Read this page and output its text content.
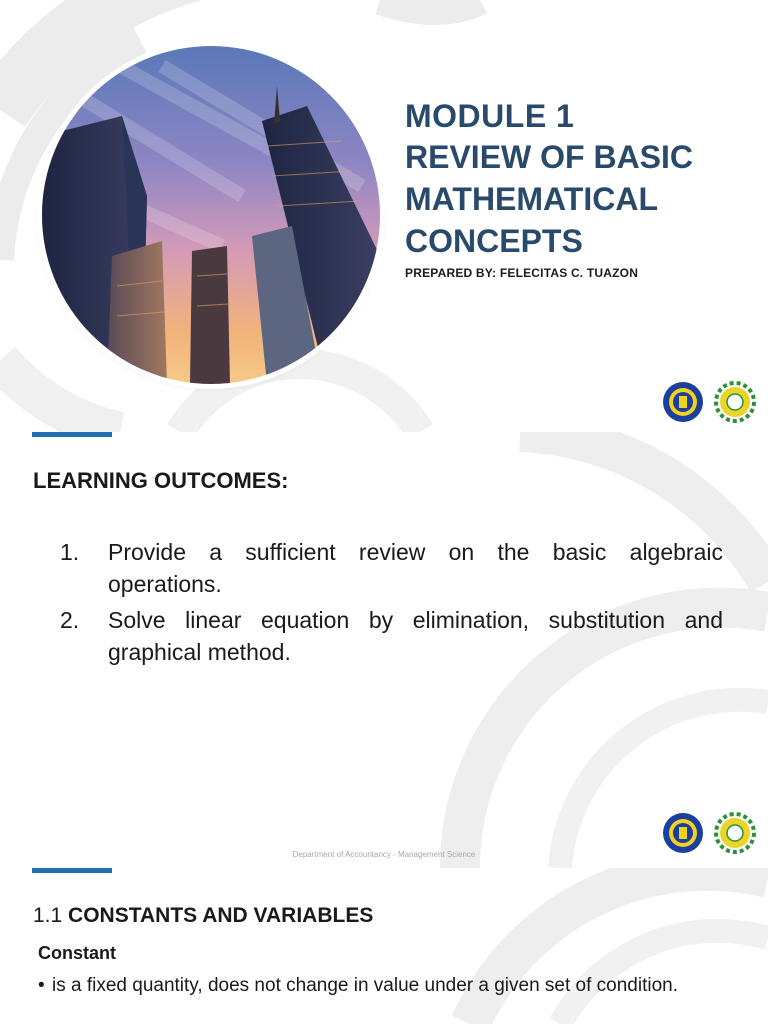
MODULE 1
REVIEW OF BASIC
MATHEMATICAL
CONCEPTS
PREPARED BY: FELECITAS C. TUAZON
LEARNING OUTCOMES:
1.	Provide a sufficient review on the basic algebraic operations.
2.	Solve linear equation by elimination, substitution and graphical method.
Department of Accountancy - Management Science
1.1 CONSTANTS AND VARIABLES
Constant
• is a fixed quantity, does not change in value under a given set of condition.
